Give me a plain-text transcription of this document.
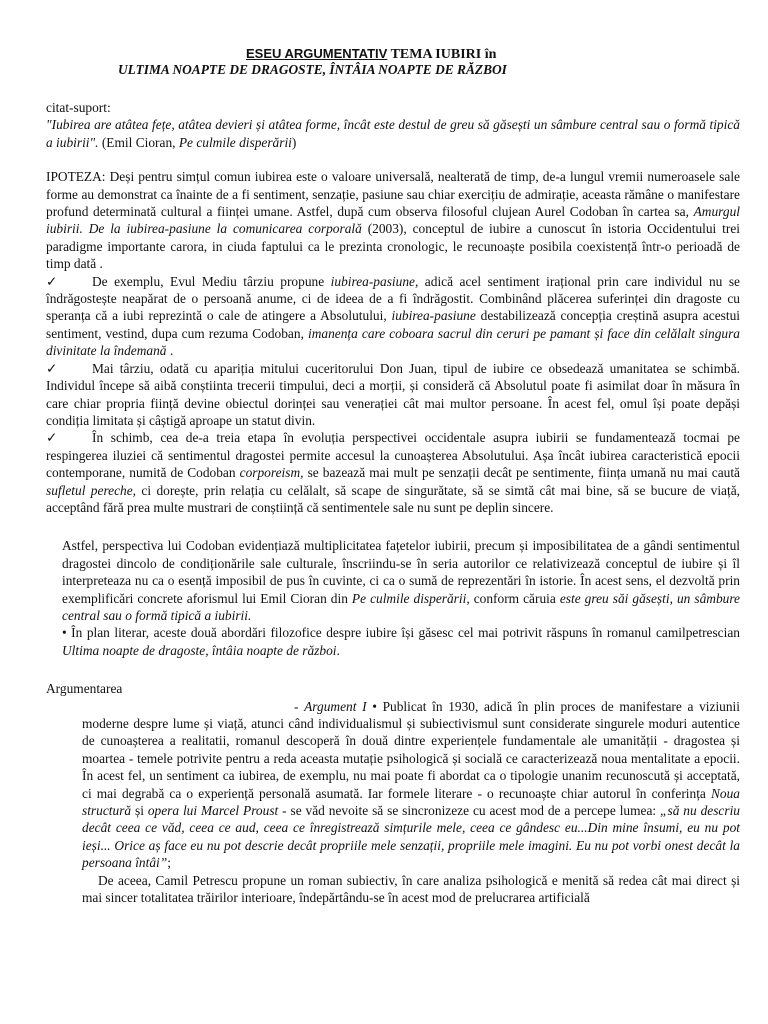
ESEU ARGUMENTATIV TEMA IUBIRI în
ULTIMA NOAPTE DE DRAGOSTE, ÎNTÂIA NOAPTE DE RĂZBOI

citat-suport:

"Iubirea are atâtea fețe, atâtea devieri și atâtea forme, încât este destul de greu să găsești un sâmbure central sau o formă tipică a iubirii". (Emil Cioran, Pe culmile disperării)

IPOTEZA: Deși pentru simțul comun iubirea este o valoare universală, nealterată de timp, de-a lungul vremii numeroasele sale forme au demonstrat ca înainte de a fi sentiment, senzație, pasiune sau chiar exercițiu de admirație, aceasta rămâne o manifestare profund determinată cultural a ființei umane. Astfel, după cum observa filosoful clujean Aurel Codoban în cartea sa, Amurgul iubirii. De la iubirea-pasiune la comunicarea corporală (2003), conceptul de iubire a cunoscut în istoria Occidentului trei paradigme importante carora, in ciuda faptului ca le prezinta cronologic, le recunoaște posibila coexistență într-o perioadă de timp dată .

✓	De exemplu, Evul Mediu târziu propune iubirea-pasiune, adică acel sentiment irațional prin care individul nu se îndrăgostește neapărat de o persoană anume, ci de ideea de a fi îndrăgostit. Combinând plăcerea suferinței din dragoste cu speranța că a iubi reprezintă o cale de atingere a Absolutului, iubirea-pasiune destabilizează concepția creștină asupra acestui sentiment, vestind, dupa cum rezuma Codoban, imanența care coboara sacrul din ceruri pe pamant și face din celălalt singura divinitate la îndemană .

✓	Mai târziu, odată cu apariția mitului cuceritorului Don Juan, tipul de iubire ce obsedează umanitatea se schimbă. Individul începe să aibă conștiinta trecerii timpului, deci a morții, și consideră că Absolutul poate fi asimilat doar în măsura în care chiar propria ființă devine obiectul dorinței sau venerației cât mai multor persoane. În acest fel, omul își poate depăși condiția limitata și câștigă aproape un statut divin.

✓	În schimb, cea de-a treia etapa în evoluția perspectivei occidentale asupra iubirii se fundamentează tocmai pe respingerea iluziei că sentimentul dragostei permite accesul la cunoașterea Absolutului. Așa încât iubirea caracteristică epocii contemporane, numită de Codoban corporeism, se bazează mai mult pe senzații decât pe sentimente, ființa umană nu mai caută sufletul pereche, ci dorește, prin relația cu celălalt, să scape de singurătate, să se simtă cât mai bine, să se bucure de viață, acceptând fără prea multe mustrari de conștiință că sentimentele sale nu sunt pe deplin sincere.

Astfel, perspectiva lui Codoban evidențiază multiplicitatea fațetelor iubirii, precum și imposibilitatea de a gândi sentimentul dragostei dincolo de condiționările sale culturale, înscriindu-se în seria autorilor ce relativizează conceptul de iubire și îl interpreteaza nu ca o esență imposibil de pus în cuvinte, ci ca o sumă de reprezentări în istorie. În acest sens, el dezvoltă prin exemplificări concrete aforismul lui Emil Cioran din Pe culmile disperării, conform căruia este greu săi găsești, un sâmbure central sau o formă tipică a iubirii.

• În plan literar, aceste două abordări filozofice despre iubire își găsesc cel mai potrivit răspuns în romanul camilpetrescian Ultima noapte de dragoste, întâia noapte de război.

Argumentarea

- Argument I • Publicat în 1930, adică în plin proces de manifestare a viziunii moderne despre lume și viață, atunci când individualismul și subiectivismul sunt considerate singurele moduri autentice de cunoașterea a realitatii, romanul descoperă în două dintre experiențele fundamentale ale umanității - dragostea și moartea - temele potrivite pentru a reda aceasta mutație psihologică și socială ce caracterizează noua mentalitate a epocii. În acest fel, un sentiment ca iubirea, de exemplu, nu mai poate fi abordat ca o tipologie unanim recunoscută și acceptată, ci mai degrabă ca o experiență personală asumată. Iar formele literare - o recunoaște chiar autorul în conferința Noua structură și opera lui Marcel Proust - se văd nevoite să se sincronizeze cu acest mod de a percepe lumea: „să nu descriu decât ceea ce văd, ceea ce aud, ceea ce înregistrează simțurile mele, ceea ce gândesc eu...Din mine însumi, eu nu pot ieși... Orice aș face eu nu pot descrie decât propriile mele senzații, propriile mele imagini. Eu nu pot vorbi onest decât la persoana întâi”;

De aceea, Camil Petrescu propune un roman subiectiv, în care analiza psihologică e menită să redea cât mai direct și mai sincer totalitatea trăirilor interioare, îndepărtându-se în acest mod de prelucrarea artificială
